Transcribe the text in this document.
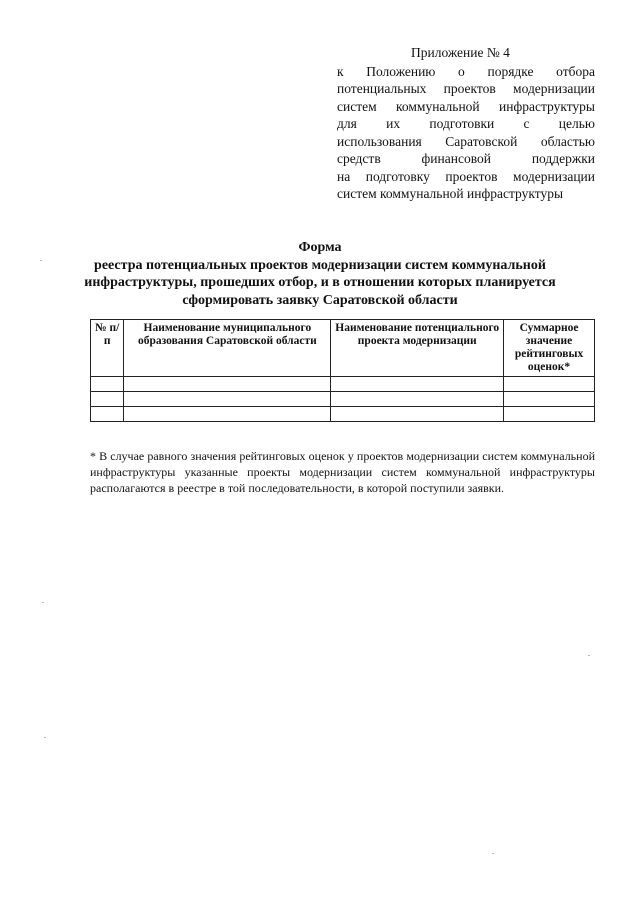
Приложение № 4
к Положению о порядке отбора
потенциальных проектов модернизации
систем коммунальной инфраструктуры
для их подготовки с целью
использования Саратовской областью
средств финансовой поддержки
на подготовку проектов модернизации
систем коммунальной инфраструктуры
Форма
реестра потенциальных проектов модернизации систем коммунальной
инфраструктуры, прошедших отбор, и в отношении которых планируется
сформировать заявку Саратовской области
№ п/п	Наименование муниципального образования Саратовской области	Наименование потенциального проекта модернизации	Суммарное значение рейтинговых оценок*

* В случае равного значения рейтинговых оценок у проектов модернизации систем коммунальной инфраструктуры указанные проекты модернизации систем коммунальной инфраструктуры располагаются в реестре в той последовательности, в которой поступили заявки.
